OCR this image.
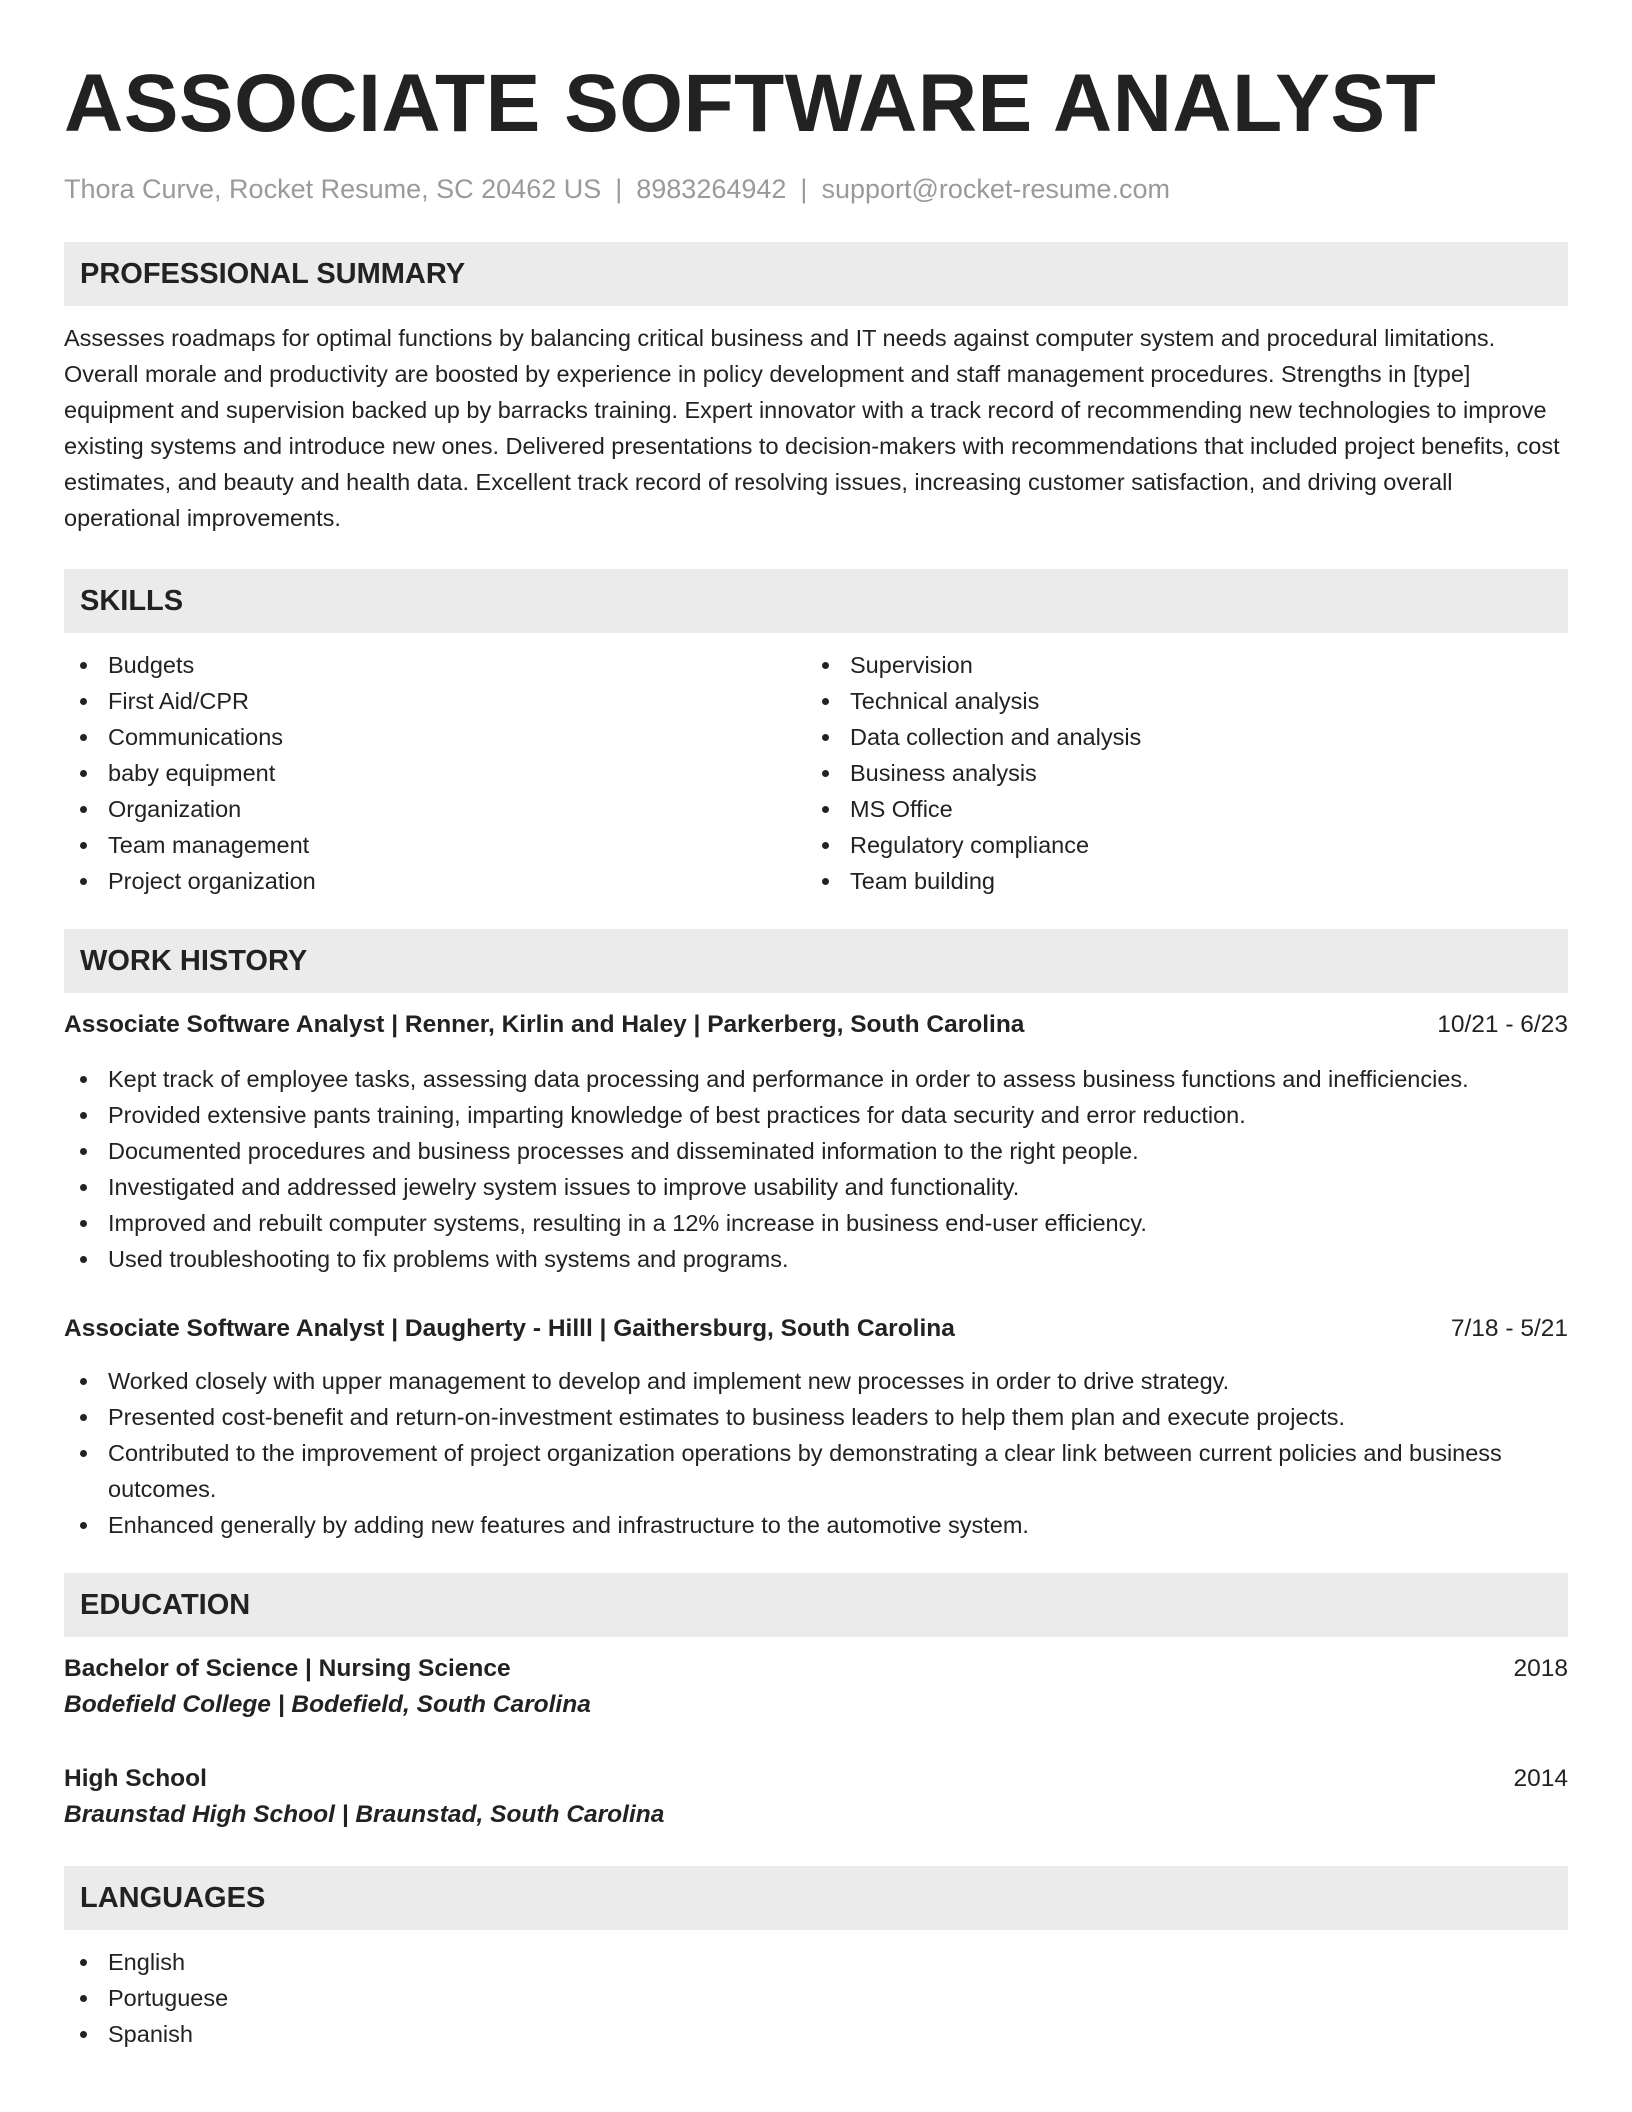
ASSOCIATE SOFTWARE ANALYST
Thora Curve, Rocket Resume, SC 20462 US | 8983264942 | support@rocket-resume.com
PROFESSIONAL SUMMARY
Assesses roadmaps for optimal functions by balancing critical business and IT needs against computer system and procedural limitations. Overall morale and productivity are boosted by experience in policy development and staff management procedures. Strengths in [type] equipment and supervision backed up by barracks training. Expert innovator with a track record of recommending new technologies to improve existing systems and introduce new ones. Delivered presentations to decision-makers with recommendations that included project benefits, cost estimates, and beauty and health data. Excellent track record of resolving issues, increasing customer satisfaction, and driving overall operational improvements.
SKILLS
Budgets
First Aid/CPR
Communications
baby equipment
Organization
Team management
Project organization
Supervision
Technical analysis
Data collection and analysis
Business analysis
MS Office
Regulatory compliance
Team building
WORK HISTORY
Associate Software Analyst | Renner, Kirlin and Haley | Parkerberg, South Carolina	10/21 - 6/23
Kept track of employee tasks, assessing data processing and performance in order to assess business functions and inefficiencies.
Provided extensive pants training, imparting knowledge of best practices for data security and error reduction.
Documented procedures and business processes and disseminated information to the right people.
Investigated and addressed jewelry system issues to improve usability and functionality.
Improved and rebuilt computer systems, resulting in a 12% increase in business end-user efficiency.
Used troubleshooting to fix problems with systems and programs.
Associate Software Analyst | Daugherty - Hilll | Gaithersburg, South Carolina	7/18 - 5/21
Worked closely with upper management to develop and implement new processes in order to drive strategy.
Presented cost-benefit and return-on-investment estimates to business leaders to help them plan and execute projects.
Contributed to the improvement of project organization operations by demonstrating a clear link between current policies and business outcomes.
Enhanced generally by adding new features and infrastructure to the automotive system.
EDUCATION
Bachelor of Science | Nursing Science	2018
Bodefield College | Bodefield, South Carolina
High School	2014
Braunstad High School | Braunstad, South Carolina
LANGUAGES
English
Portuguese
Spanish
